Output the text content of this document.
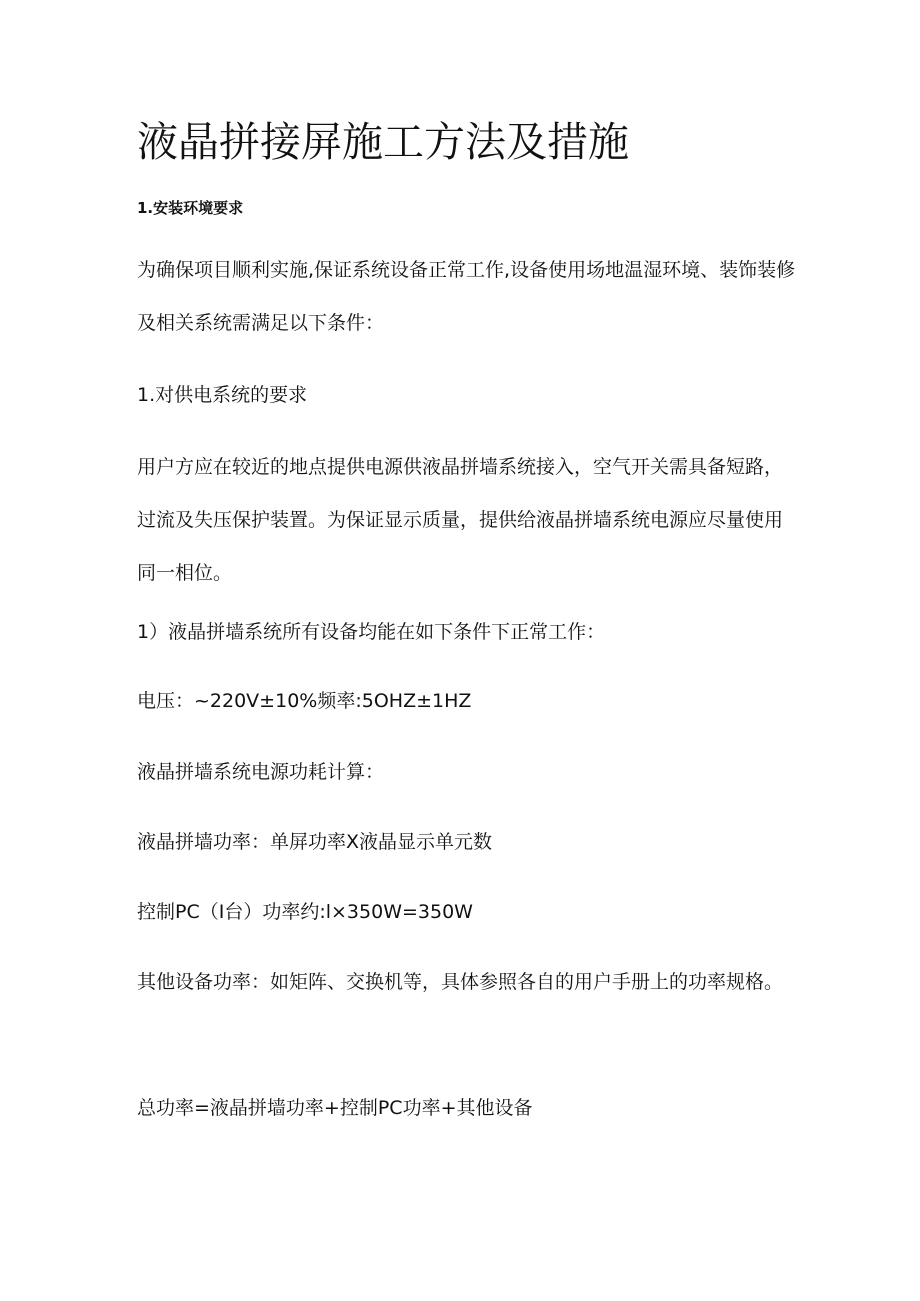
液晶拼接屏施工方法及措施
1.安装环境要求

为确保项目顺利实施,保证系统设备正常工作,设备使用场地温湿环境、装饰装修及相关系统需满足以下条件：

1.对供电系统的要求

用户方应在较近的地点提供电源供液晶拼墙系统接入，空气开关需具备短路，过流及失压保护装置。为保证显示质量，提供给液晶拼墙系统电源应尽量使用同一相位。

1）液晶拼墙系统所有设备均能在如下条件下正常工作：

电压：~220V±10%频率:5OHZ±1HZ

液晶拼墙系统电源功耗计算：

液晶拼墙功率：单屏功率X液晶显示单元数

控制PC（I台）功率约:l×350W=350W

其他设备功率：如矩阵、交换机等，具体参照各自的用户手册上的功率规格。

总功率=液晶拼墙功率+控制PC功率+其他设备
